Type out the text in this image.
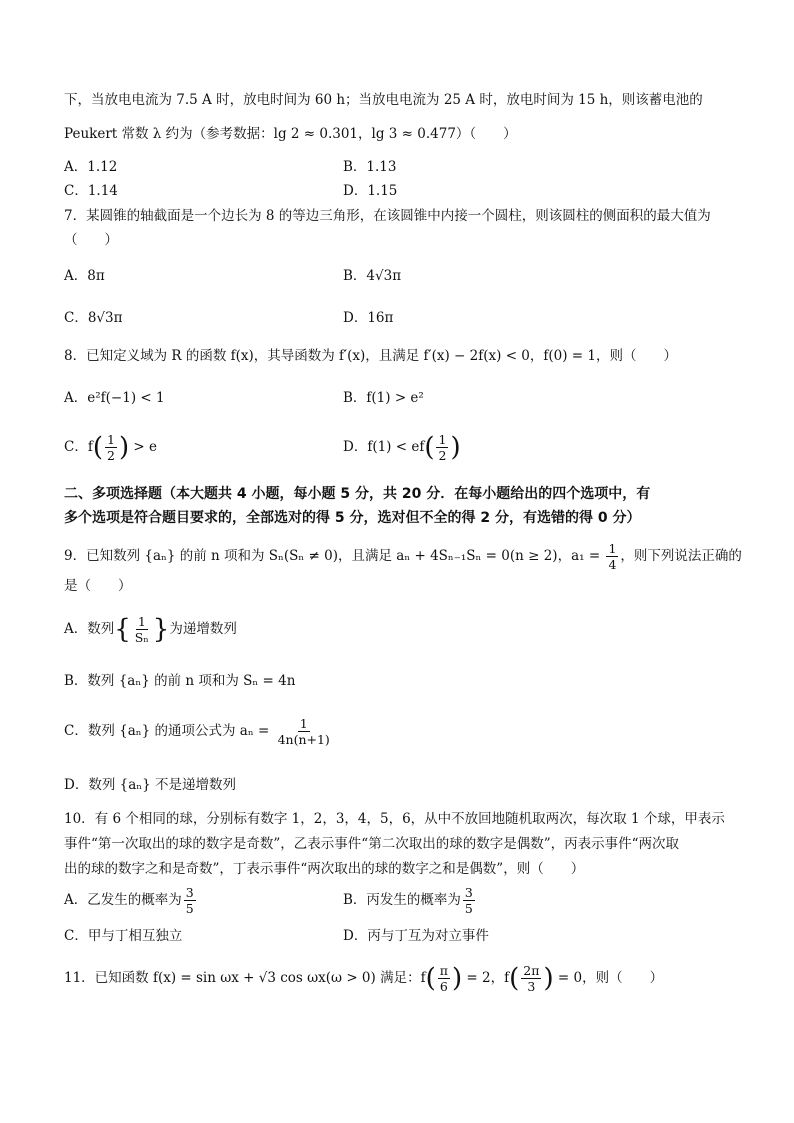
下，当放电电流为 7.5 A 时，放电时间为 60 h；当放电电流为 25 A 时，放电时间为 15 h，则该蓄电池的
Peukert 常数 λ 约为（参考数据：lg 2 ≈ 0.301，lg 3 ≈ 0.477）（　　）
A．1.12	B．1.13
C．1.14	D．1.15
7．某圆锥的轴截面是一个边长为 8 的等边三角形，在该圆锥中内接一个圆柱，则该圆柱的侧面积的最大值为
（　　）
A．8π	B．4√3π
C．8√3π	D．16π
8．已知定义域为 R 的函数 f(x)，其导函数为 f′(x)，且满足 f′(x) − 2f(x) < 0，f(0) = 1，则（　　）
A．e²f(−1) < 1	B．f(1) > e²
C．$f( \frac{1}{2}$ ) > e	D．$f(1) < ef( \frac{1}{2}$ )
二、多项选择题（本大题共 4 小题，每小题 5 分，共 20 分．在每小题给出的四个选项中，有
多个选项是符合题目要求的，全部选对的得 5 分，选对但不全的得 2 分，有选错的得 0 分）
9．已知数列 {aₙ} 的前 n 项和为 Sₙ(Sₙ ≠ 0)，且满足 aₙ + 4Sₙ₋₁Sₙ = 0(n ≥ 2)，$a_1 = \frac{1}{4}$ ，则下列说法正确的
是（　　）
A．数列{ $\frac{1}{\text{Sₙ}}$ }为递增数列
B．数列 {aₙ} 的前 n 项和为 Sₙ = 4n
C．数列 {aₙ} 的通项公式为 $a_n = \frac{1}{4n(n+1)}$
D．数列 {aₙ} 不是递增数列
10．有 6 个相同的球，分别标有数字 1，2，3，4，5，6，从中不放回地随机取两次，每次取 1 个球，甲表示
事件“第一次取出的球的数字是奇数”，乙表示事件“第二次取出的球的数字是偶数”，丙表示事件“两次取
出的球的数字之和是奇数”，丁表示事件“两次取出的球的数字之和是偶数”，则（　　）
A．乙发生的概率为 $\frac{3}{5}$	B．丙发生的概率为 $\frac{3}{5}$
C．甲与丁相互独立	D．丙与丁互为对立事件
11．已知函数 f(x) = sin ωx + √3 cos ωx(ω > 0) 满足：$f( \frac{\pi}{6}$ ) = 2，$f( \frac{2\pi}{3}$ ) = 0，则（　　）
